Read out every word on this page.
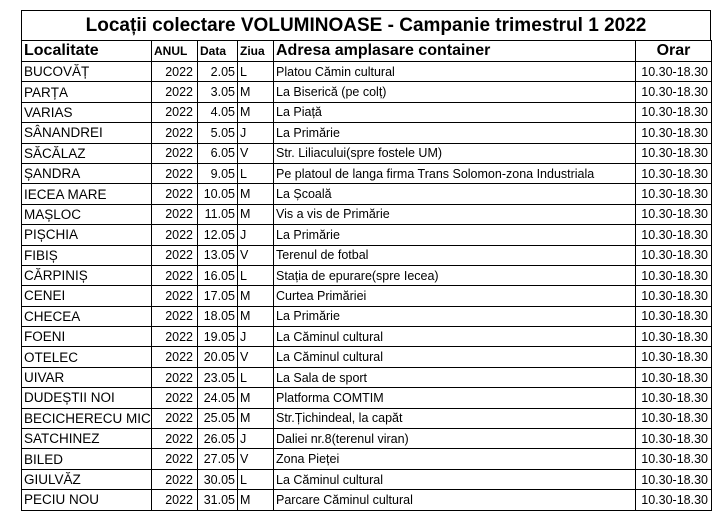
Locații colectare VOLUMINOASE - Campanie trimestrul 1 2022
Localitate	ANUL	Data	Ziua	Adresa amplasare container	Orar
BUCOVĂȚ	2022	2.05	L	Platou Cămin cultural	10.30-18.30
PARȚA	2022	3.05	M	La Biserică (pe colț)	10.30-18.30
VARIAS	2022	4.05	M	La Piață	10.30-18.30
SÂNANDREI	2022	5.05	J	La Primărie	10.30-18.30
SĂCĂLAZ	2022	6.05	V	Str. Liliacului(spre fostele UM)	10.30-18.30
ȘANDRA	2022	9.05	L	Pe platoul de langa firma Trans Solomon-zona Industriala	10.30-18.30
IECEA MARE	2022	10.05	M	La Școală	10.30-18.30
MAȘLOC	2022	11.05	M	Vis a vis de Primărie	10.30-18.30
PIȘCHIA	2022	12.05	J	La Primărie	10.30-18.30
FIBIȘ	2022	13.05	V	Terenul de fotbal	10.30-18.30
CĂRPINIȘ	2022	16.05	L	Stația de epurare(spre Iecea)	10.30-18.30
CENEI	2022	17.05	M	Curtea Primăriei	10.30-18.30
CHECEA	2022	18.05	M	La Primărie	10.30-18.30
FOENI	2022	19.05	J	La Căminul cultural	10.30-18.30
OTELEC	2022	20.05	V	La Căminul cultural	10.30-18.30
UIVAR	2022	23.05	L	La Sala de sport	10.30-18.30
DUDEȘTII NOI	2022	24.05	M	Platforma COMTIM	10.30-18.30
BECICHERECU MIC	2022	25.05	M	Str.Țichindeal, la capăt	10.30-18.30
SATCHINEZ	2022	26.05	J	Daliei nr.8(terenul viran)	10.30-18.30
BILED	2022	27.05	V	Zona Pieței	10.30-18.30
GIULVĂZ	2022	30.05	L	La Căminul cultural	10.30-18.30
PECIU NOU	2022	31.05	M	Parcare Căminul cultural	10.30-18.30
